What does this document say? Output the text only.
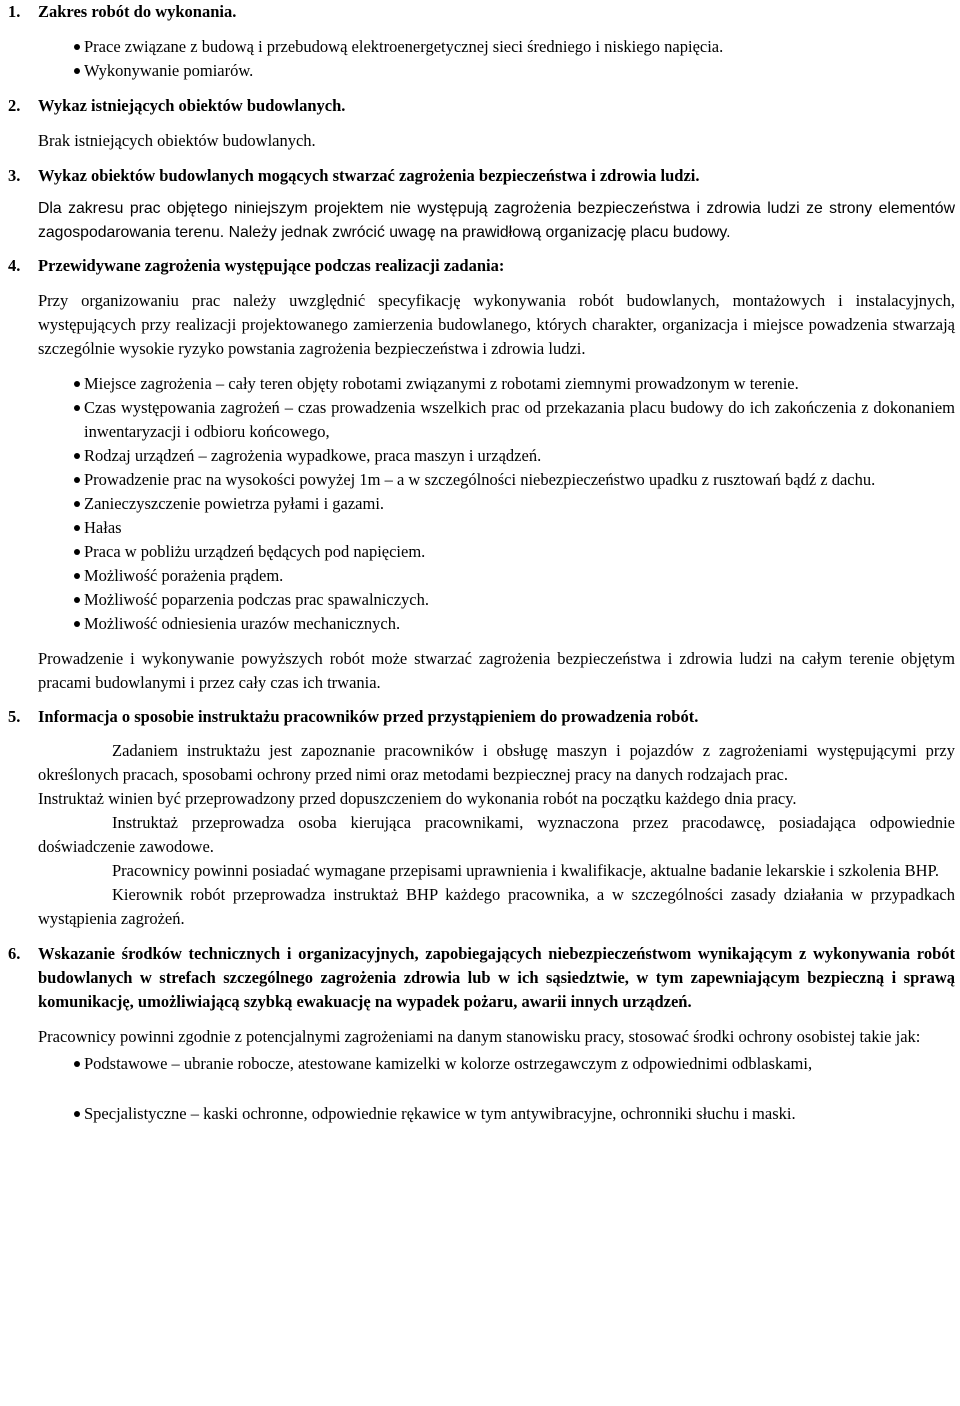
1.	Zakres robót do wykonania.
Prace związane z budową i przebudową elektroenergetycznej sieci średniego i niskiego napięcia.
Wykonywanie pomiarów.
2.	Wykaz istniejących obiektów budowlanych.

Brak istniejących obiektów budowlanych.

3.	Wykaz obiektów budowlanych mogących stwarzać zagrożenia bezpieczeństwa i zdrowia ludzi.

Dla zakresu prac objętego niniejszym projektem nie występują zagrożenia bezpieczeństwa i zdrowia ludzi ze strony elementów zagospodarowania terenu. Należy jednak zwrócić uwagę na prawidłową organizację placu budowy.

4.	Przewidywane zagrożenia występujące podczas realizacji zadania:

Przy organizowaniu prac należy uwzględnić specyfikację wykonywania robót budowlanych, montażowych i instalacyjnych, występujących przy realizacji projektowanego zamierzenia budowlanego, których charakter, organizacja i miejsce powadzenia stwarzają szczególnie wysokie ryzyko powstania zagrożenia bezpieczeństwa i zdrowia ludzi.

Miejsce zagrożenia – cały teren objęty robotami związanymi z robotami ziemnymi prowadzonym w terenie.
Czas występowania zagrożeń – czas prowadzenia wszelkich prac od przekazania placu budowy do ich zakończenia z dokonaniem inwentaryzacji i odbioru końcowego,
Rodzaj urządzeń – zagrożenia wypadkowe, praca maszyn i urządzeń.
Prowadzenie prac na wysokości powyżej 1m – a w szczególności niebezpieczeństwo upadku z rusztowań bądź z dachu.
Zanieczyszczenie powietrza pyłami i gazami.
Hałas
Praca w pobliżu urządzeń będących pod napięciem.
Możliwość porażenia prądem.
Możliwość poparzenia podczas prac spawalniczych.
Możliwość odniesienia urazów mechanicznych.

Prowadzenie i wykonywanie powyższych robót może stwarzać zagrożenia bezpieczeństwa i zdrowia ludzi na całym terenie objętym pracami budowlanymi i przez cały czas ich trwania.

5.	Informacja o sposobie instruktażu pracowników przed przystąpieniem do prowadzenia robót.

Zadaniem instruktażu jest zapoznanie pracowników i obsługę maszyn i pojazdów z zagrożeniami występującymi przy określonych pracach, sposobami ochrony przed nimi oraz metodami bezpiecznej pracy na danych rodzajach prac.

Instruktaż winien być przeprowadzony przed dopuszczeniem do wykonania robót na początku każdego dnia pracy.

Instruktaż przeprowadza osoba kierująca pracownikami, wyznaczona przez pracodawcę, posiadająca odpowiednie doświadczenie zawodowe.

Pracownicy powinni posiadać wymagane przepisami uprawnienia i kwalifikacje, aktualne badanie lekarskie i szkolenia BHP.

Kierownik robót przeprowadza instruktaż BHP każdego pracownika, a w szczególności zasady działania w przypadkach wystąpienia zagrożeń.

6.	Wskazanie środków technicznych i organizacyjnych, zapobiegających niebezpieczeństwom wynikającym z wykonywania robót budowlanych w strefach szczególnego zagrożenia zdrowia lub w ich sąsiedztwie, w tym zapewniającym bezpieczną i sprawą komunikację, umożliwiającą szybką ewakuację na wypadek pożaru, awarii innych urządzeń.

Pracownicy powinni zgodnie z potencjalnymi zagrożeniami na danym stanowisku pracy, stosować środki ochrony osobistej takie jak:

Podstawowe – ubranie robocze, atestowane kamizelki w kolorze ostrzegawczym z odpowiednimi odblaskami,
Specjalistyczne – kaski ochronne, odpowiednie rękawice w tym antywibracyjne, ochronniki słuchu i maski.
